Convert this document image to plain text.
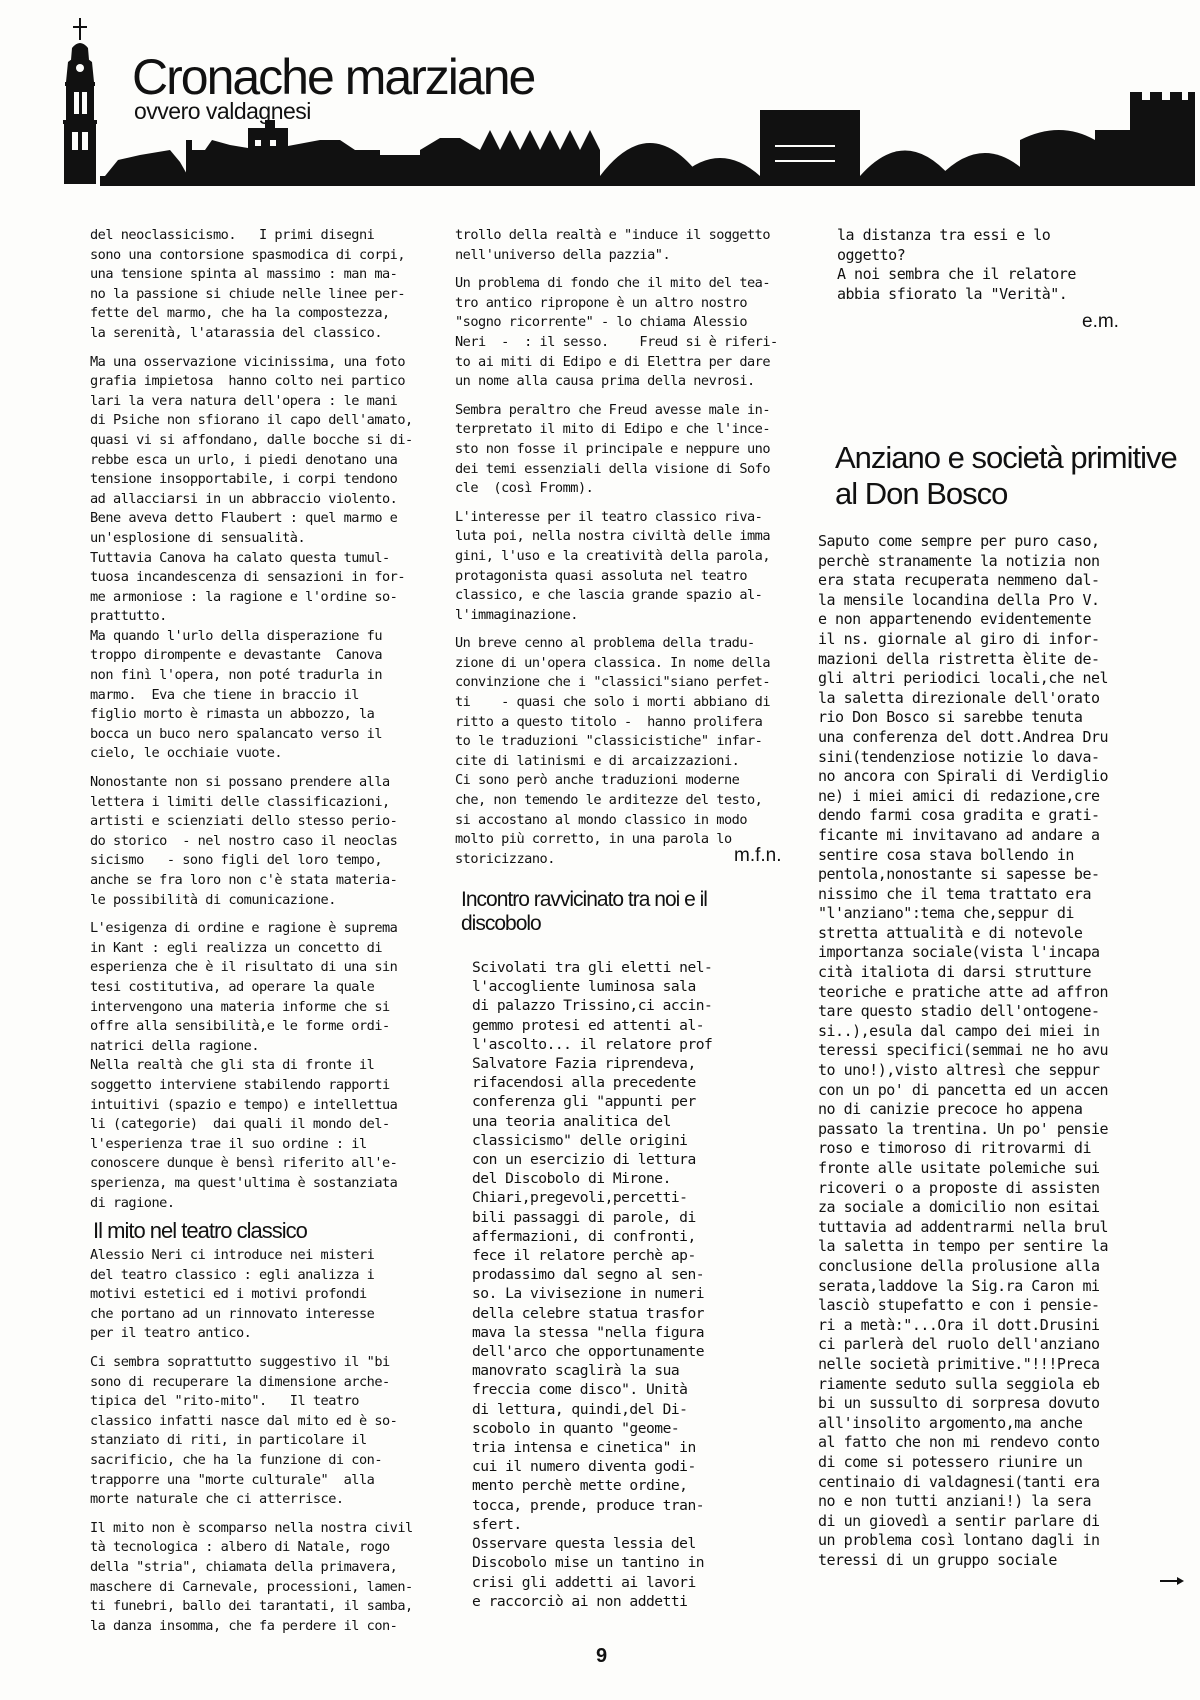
Cronache marziane
ovvero valdagnesi

del neoclassicismo.   I primi disegni
sono una contorsione spasmodica di corpi,
una tensione spinta al massimo : man ma-
no la passione si chiude nelle linee per-
fette del marmo, che ha la compostezza,
la serenità, l'atarassia del classico.

Ma una osservazione vicinissima, una foto
grafia impietosa  hanno colto nei partico
lari la vera natura dell'opera : le mani
di Psiche non sfiorano il capo dell'amato,
quasi vi si affondano, dalle bocche si di-
rebbe esca un urlo, i piedi denotano una
tensione insopportabile, i corpi tendono
ad allacciarsi in un abbraccio violento.
Bene aveva detto Flaubert : quel marmo e
un'esplosione di sensualità.
Tuttavia Canova ha calato questa tumul-
tuosa incandescenza di sensazioni in for-
me armoniose : la ragione e l'ordine so-
prattutto.
Ma quando l'urlo della disperazione fu
troppo dirompente e devastante  Canova
non finì l'opera, non poté tradurla in
marmo.  Eva che tiene in braccio il
figlio morto è rimasta un abbozzo, la
bocca un buco nero spalancato verso il
cielo, le occhiaie vuote.

Nonostante non si possano prendere alla
lettera i limiti delle classificazioni,
artisti e scienziati dello stesso perio-
do storico  - nel nostro caso il neoclas
sicismo   - sono figli del loro tempo,
anche se fra loro non c'è stata materia-
le possibilità di comunicazione.

L'esigenza di ordine e ragione è suprema
in Kant : egli realizza un concetto di
esperienza che è il risultato di una sin
tesi costitutiva, ad operare la quale
intervengono una materia informe che si
offre alla sensibilità,e le forme ordi-
natrici della ragione.
Nella realtà che gli sta di fronte il
soggetto interviene stabilendo rapporti
intuitivi (spazio e tempo) e intellettua
li (categorie)  dai quali il mondo del-
l'esperienza trae il suo ordine : il
conoscere dunque è bensì riferito all'e-
sperienza, ma quest'ultima è sostanziata
di ragione.

Il mito nel teatro classico

Alessio Neri ci introduce nei misteri
del teatro classico : egli analizza i
motivi estetici ed i motivi profondi
che portano ad un rinnovato interesse
per il teatro antico.

Ci sembra soprattutto suggestivo il "bi
sono di recuperare la dimensione arche-
tipica del "rito-mito".   Il teatro
classico infatti nasce dal mito ed è so-
stanziato di riti, in particolare il
sacrificio, che ha la funzione di con-
trapporre una "morte culturale"  alla
morte naturale che ci atterrisce.

Il mito non è scomparso nella nostra civil
tà tecnologica : albero di Natale, rogo
della "stria", chiamata della primavera,
maschere di Carnevale, processioni, lamen-
ti funebri, ballo dei tarantati, il samba,
la danza insomma, che fa perdere il con-

trollo della realtà e "induce il soggetto
nell'universo della pazzia".

Un problema di fondo che il mito del tea-
tro antico ripropone è un altro nostro
"sogno ricorrente" - lo chiama Alessio
Neri  -  : il sesso.    Freud si è riferi-
to ai miti di Edipo e di Elettra per dare
un nome alla causa prima della nevrosi.

Sembra peraltro che Freud avesse male in-
terpretato il mito di Edipo e che l'ince-
sto non fosse il principale e neppure uno
dei temi essenziali della visione di Sofo
cle  (così Fromm).

L'interesse per il teatro classico riva-
luta poi, nella nostra civiltà delle imma
gini, l'uso e la creatività della parola,
protagonista quasi assoluta nel teatro
classico, e che lascia grande spazio al-
l'immaginazione.

Un breve cenno al problema della tradu-
zione di un'opera classica. In nome della
convinzione che i "classici"siano perfet-
ti    - quasi che solo i morti abbiano di
ritto a questo titolo -  hanno prolifera
to le traduzioni "classicistiche" infar-
cite di latinismi e di arcaizzazioni.
Ci sono però anche traduzioni moderne
che, non temendo le arditezze del testo,
si accostano al mondo classico in modo
molto più corretto, in una parola lo
storicizzano.	m.f.n.
Incontro ravvicinato tra noi e il discobolo

Scivolati tra gli eletti nel-
l'accogliente luminosa sala
di palazzo Trissino,ci accin-
gemmo protesi ed attenti al-
l'ascolto... il relatore prof
Salvatore Fazia riprendeva,
rifacendosi alla precedente
conferenza gli "appunti per
una teoria analitica del
classicismo" delle origini
con un esercizio di lettura
del Discobolo di Mirone.
Chiari,pregevoli,percetti-
bili passaggi di parole, di
affermazioni, di confronti,
fece il relatore perchè ap-
prodassimo dal segno al sen-
so. La vivisezione in numeri
della celebre statua trasfor
mava la stessa "nella figura
dell'arco che opportunamente
manovrato scaglirà la sua
freccia come disco". Unità
di lettura, quindi,del Di-
scobolo in quanto "geome-
tria intensa e cinetica" in
cui il numero diventa godi-
mento perchè mette ordine,
tocca, prende, produce tran-
sfert.
Osservare questa lessia del
Discobolo mise un tantino in
crisi gli addetti ai lavori
e raccorciò ai non addetti

la distanza tra essi e lo
oggetto?
A noi sembra che il relatore
abbia sfiorato la "Verità".

e.m.
Anziano e società primitive al Don Bosco

Saputo come sempre per puro caso,
perchè stranamente la notizia non
era stata recuperata nemmeno dal-
la mensile locandina della Pro V.
e non appartenendo evidentemente
il ns. giornale al giro di infor-
mazioni della ristretta èlite de-
gli altri periodici locali,che nel
la saletta direzionale dell'orato
rio Don Bosco si sarebbe tenuta
una conferenza del dott.Andrea Dru
sini(tendenziose notizie lo dava-
no ancora con Spirali di Verdiglio
ne) i miei amici di redazione,cre
dendo farmi cosa gradita e grati-
ficante mi invitavano ad andare a
sentire cosa stava bollendo in
pentola,nonostante si sapesse be-
nissimo che il tema trattato era
"l'anziano":tema che,seppur di
stretta attualità e di notevole
importanza sociale(vista l'incapa
cità italiota di darsi strutture
teoriche e pratiche atte ad affron
tare questo stadio dell'ontogene-
si..),esula dal campo dei miei in
teressi specifici(semmai ne ho avu
to uno!),visto altresì che seppur
con un po' di pancetta ed un accen
no di canizie precoce ho appena
passato la trentina. Un po' pensie
roso e timoroso di ritrovarmi di
fronte alle usitate polemiche sui
ricoveri o a proposte di assisten
za sociale a domicilio non esitai
tuttavia ad addentrarmi nella brul
la saletta in tempo per sentire la
conclusione della prolusione alla
serata,laddove la Sig.ra Caron mi
lasciò stupefatto e con i pensie-
ri a metà:"...Ora il dott.Drusini
ci parlerà del ruolo dell'anziano
nelle società primitive."!!!Preca
riamente seduto sulla seggiola eb
bi un sussulto di sorpresa dovuto
all'insolito argomento,ma anche
al fatto che non mi rendevo conto
di come si potessero riunire un
centinaio di valdagnesi(tanti era
no e non tutti anziani!) la sera
di un giovedì a sentir parlare di
un problema così lontano dagli in
teressi di un gruppo sociale

9
